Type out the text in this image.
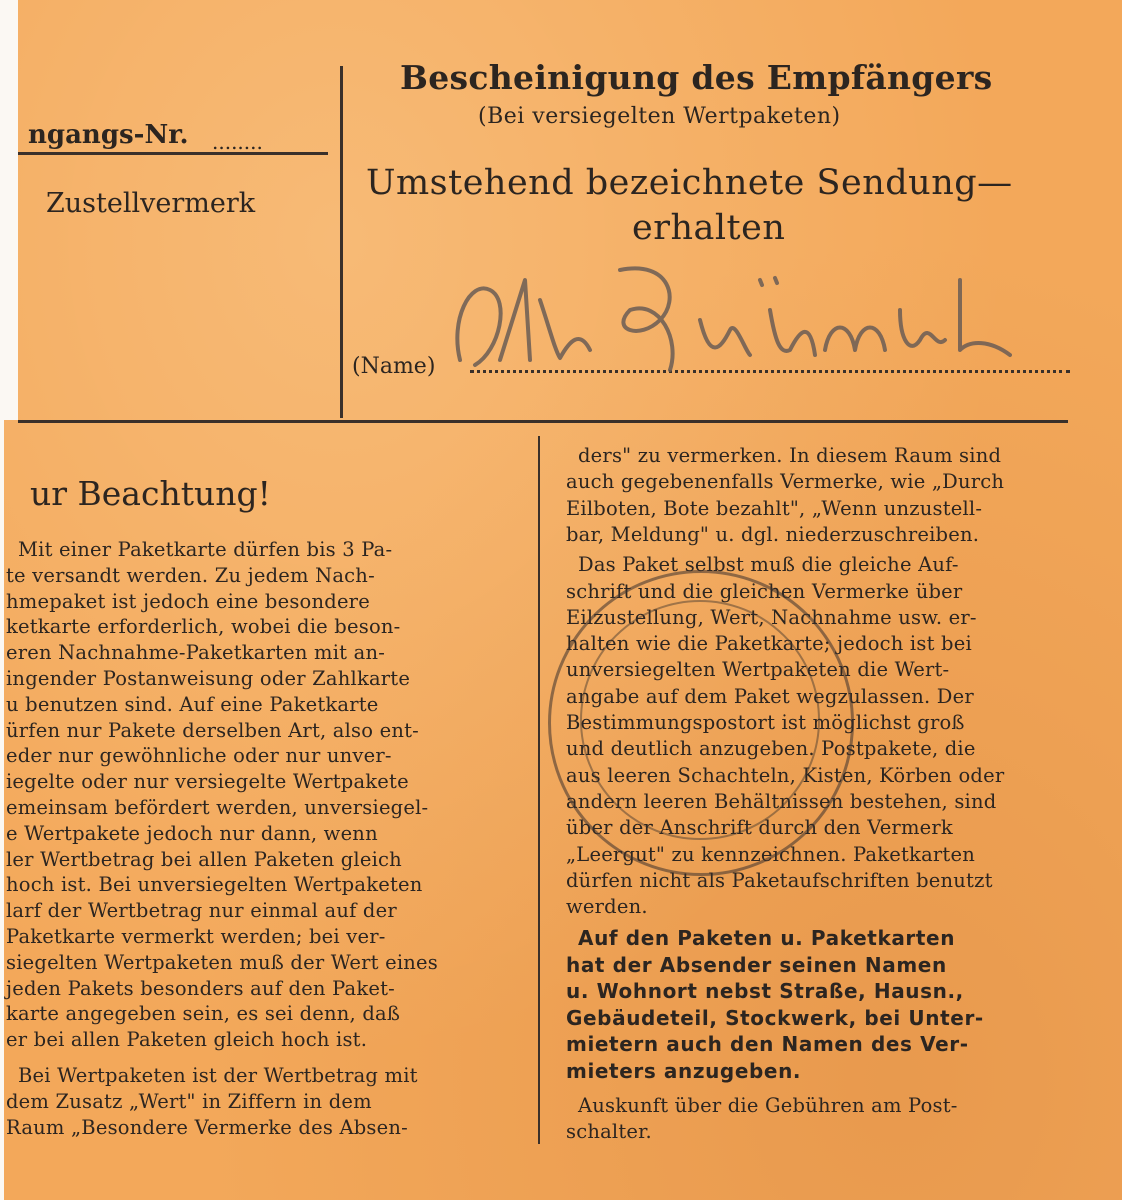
Bescheinigung des Empfängers
(Bei versiegelten Wertpaketen)
ngangs-Nr. ........
Zustellvermerk
Umstehend bezeichnete Sendung—
erhalten
(Name)
ur Beachtung!
Mit einer Paketkarte dürfen bis 3 Pa-
te versandt werden. Zu jedem Nach-
hmepaket ist jedoch eine besondere
ketkarte erforderlich, wobei die beson-
eren Nachnahme-Paketkarten mit an-
ingender Postanweisung oder Zahlkarte
u benutzen sind. Auf eine Paketkarte
ürfen nur Pakete derselben Art, also ent-
eder nur gewöhnliche oder nur unver-
iegelte oder nur versiegelte Wertpakete
emeinsam befördert werden, unversiegel-
e Wertpakete jedoch nur dann, wenn
ler Wertbetrag bei allen Paketen gleich
hoch ist. Bei unversiegelten Wertpaketen
larf der Wertbetrag nur einmal auf der
Paketkarte vermerkt werden; bei ver-
siegelten Wertpaketen muß der Wert eines
jeden Pakets besonders auf den Paket-
karte angegeben sein, es sei denn, daß
er bei allen Paketen gleich hoch ist.
Bei Wertpaketen ist der Wertbetrag mit
dem Zusatz „Wert" in Ziffern in dem
Raum „Besondere Vermerke des Absen-
ders" zu vermerken. In diesem Raum sind
auch gegebenenfalls Vermerke, wie „Durch
Eilboten, Bote bezahlt", „Wenn unzustell-
bar, Meldung" u. dgl. niederzuschreiben.
Das Paket selbst muß die gleiche Auf-
schrift und die gleichen Vermerke über
Eilzustellung, Wert, Nachnahme usw. er-
halten wie die Paketkarte; jedoch ist bei
unversiegelten Wertpaketen die Wert-
angabe auf dem Paket wegzulassen. Der
Bestimmungspostort ist möglichst groß
und deutlich anzugeben. Postpakete, die
aus leeren Schachteln, Kisten, Körben oder
andern leeren Behältnissen bestehen, sind
über der Anschrift durch den Vermerk
„Leergut" zu kennzeichnen. Paketkarten
dürfen nicht als Paketaufschriften benutzt
werden.
Auf den Paketen u. Paketkarten
hat der Absender seinen Namen
u. Wohnort nebst Straße, Hausn.,
Gebäudeteil, Stockwerk, bei Unter-
mietern auch den Namen des Ver-
mieters anzugeben.
Auskunft über die Gebühren am Post-
schalter.
